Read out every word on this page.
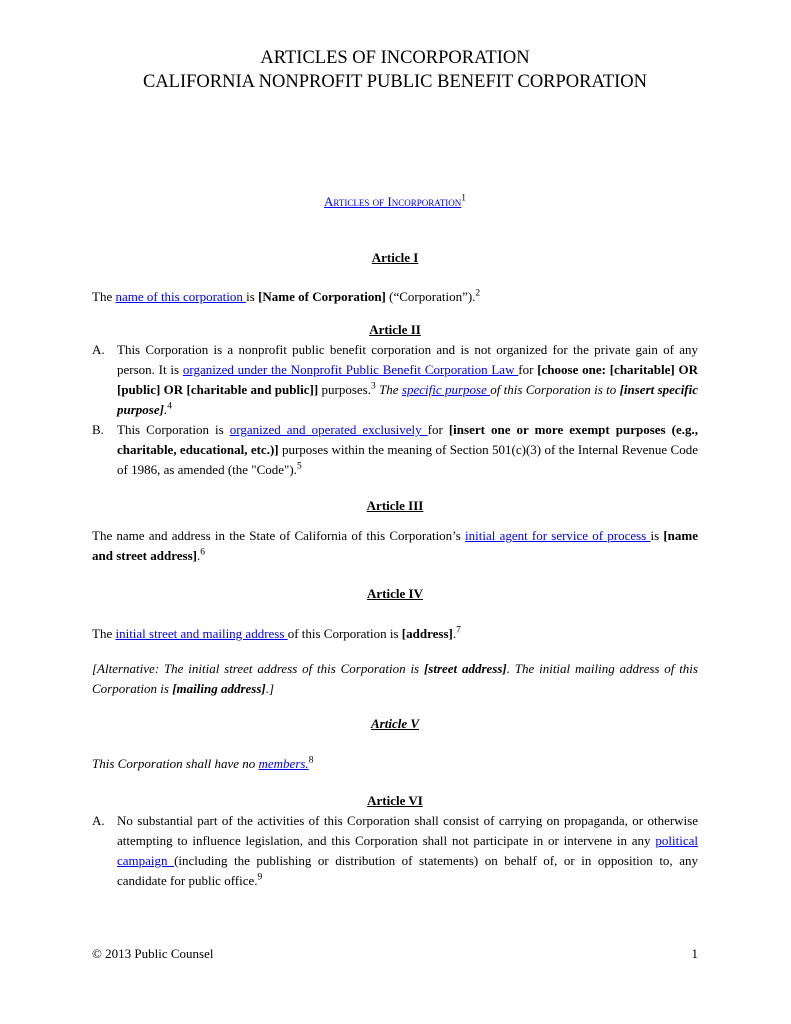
ARTICLES OF INCORPORATION
CALIFORNIA NONPROFIT PUBLIC BENEFIT CORPORATION

Articles of Incorporation$^1$

Article I

The name of this corporation is [Name of Corporation] (“Corporation”).$^2$

Article II
A. This Corporation is a nonprofit public benefit corporation and is not organized for the private gain of any person. It is organized under the Nonprofit Public Benefit Corporation Law for [choose one: [charitable] OR [public] OR [charitable and public]] purposes.$^3$ The specific purpose of this Corporation is to [insert specific purpose].$^4$
B. This Corporation is organized and operated exclusively for [insert one or more exempt purposes (e.g., charitable, educational, etc.)] purposes within the meaning of Section 501(c)(3) of the Internal Revenue Code of 1986, as amended (the "Code").$^5$
Article III

The name and address in the State of California of this Corporation’s initial agent for service of process is [name and street address].$^6$

Article IV

The initial street and mailing address of this Corporation is [address].$^7$

[Alternative: The initial street address of this Corporation is [street address]. The initial mailing address of this Corporation is [mailing address].]

Article V

This Corporation shall have no members.$^8$

Article VI
A. No substantial part of the activities of this Corporation shall consist of carrying on propaganda, or otherwise attempting to influence legislation, and this Corporation shall not participate in or intervene in any political campaign (including the publishing or distribution of statements) on behalf of, or in opposition to, any candidate for public office.$^9$
© 2013 Public Counsel	1
